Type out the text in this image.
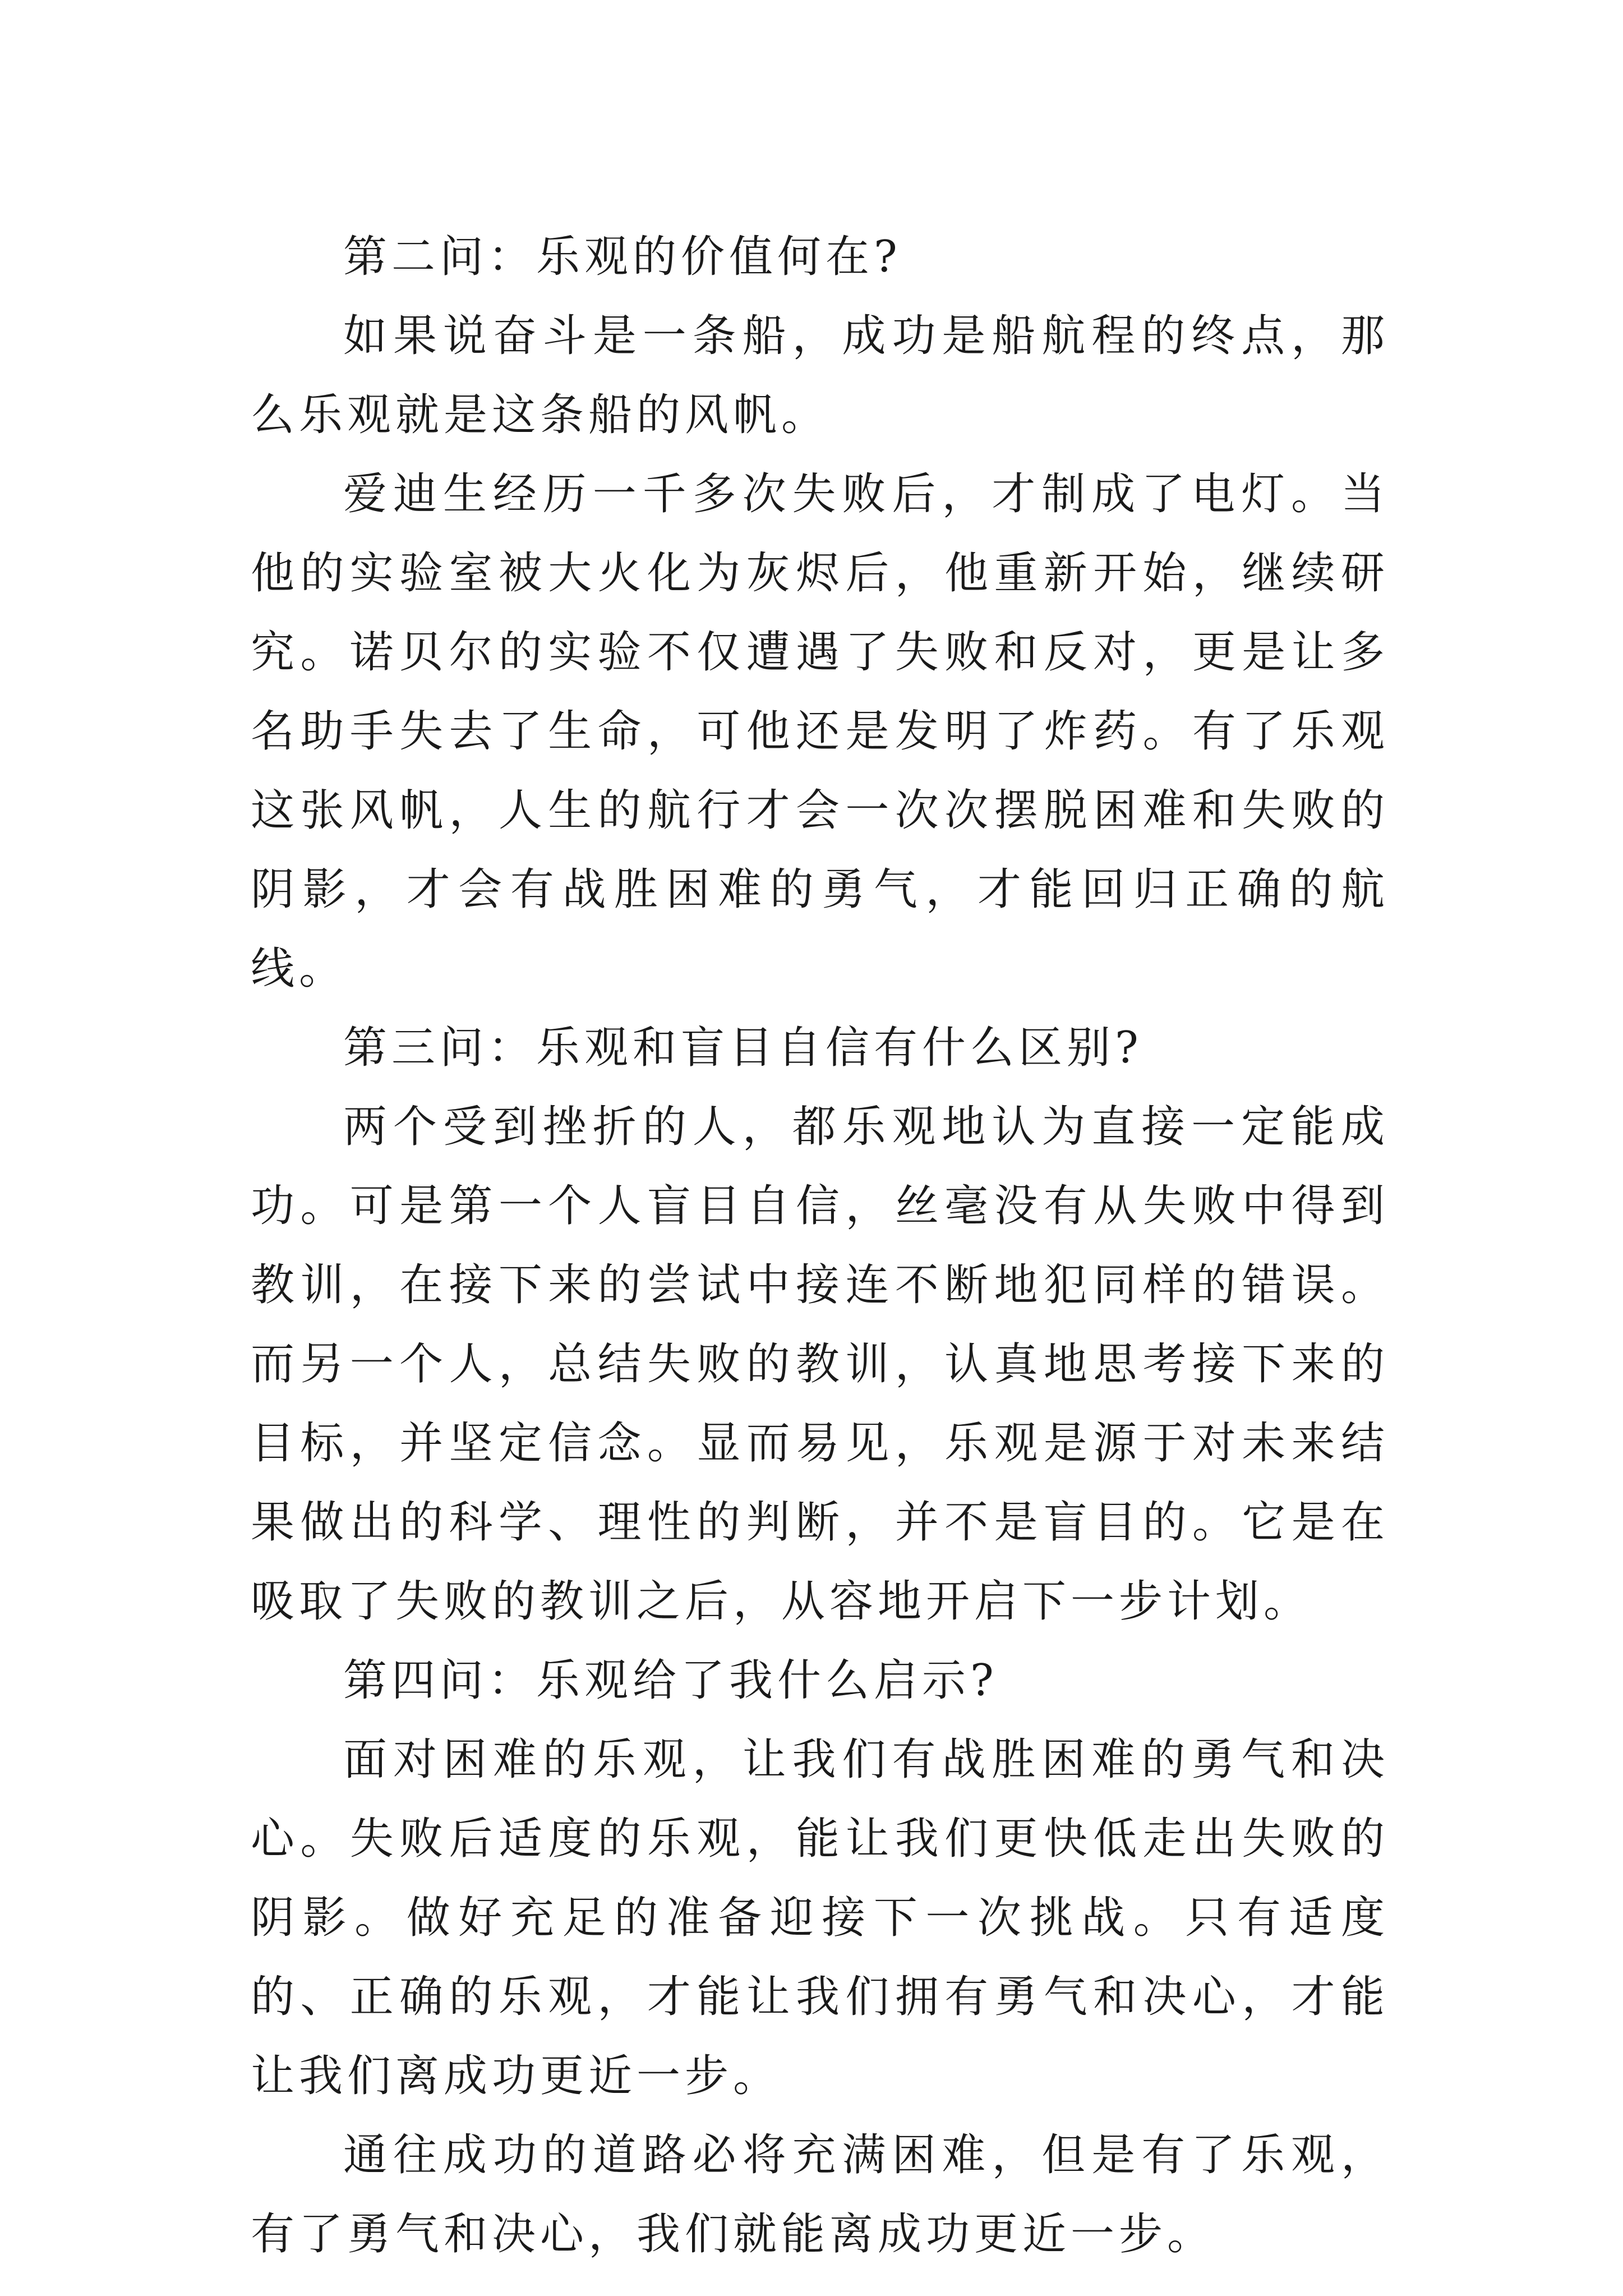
第二问：乐观的价值何在?

如果说奋斗是一条船，成功是船航程的终点，那么乐观就是这条船的风帆。

爱迪生经历一千多次失败后，才制成了电灯。当他的实验室被大火化为灰烬后，他重新开始，继续研究。诺贝尔的实验不仅遭遇了失败和反对，更是让多名助手失去了生命，可他还是发明了炸药。有了乐观这张风帆，人生的航行才会一次次摆脱困难和失败的阴影，才会有战胜困难的勇气，才能回归正确的航线。

第三问：乐观和盲目自信有什么区别?

两个受到挫折的人，都乐观地认为直接一定能成功。可是第一个人盲目自信，丝毫没有从失败中得到教训，在接下来的尝试中接连不断地犯同样的错误。而另一个人，总结失败的教训，认真地思考接下来的目标，并坚定信念。显而易见，乐观是源于对未来结果做出的科学、理性的判断，并不是盲目的。它是在吸取了失败的教训之后，从容地开启下一步计划。

第四问：乐观给了我什么启示?

面对困难的乐观，让我们有战胜困难的勇气和决心。失败后适度的乐观，能让我们更快低走出失败的阴影。做好充足的准备迎接下一次挑战。只有适度的、正确的乐观，才能让我们拥有勇气和决心，才能让我们离成功更近一步。

通往成功的道路必将充满困难，但是有了乐观，有了勇气和决心，我们就能离成功更近一步。
